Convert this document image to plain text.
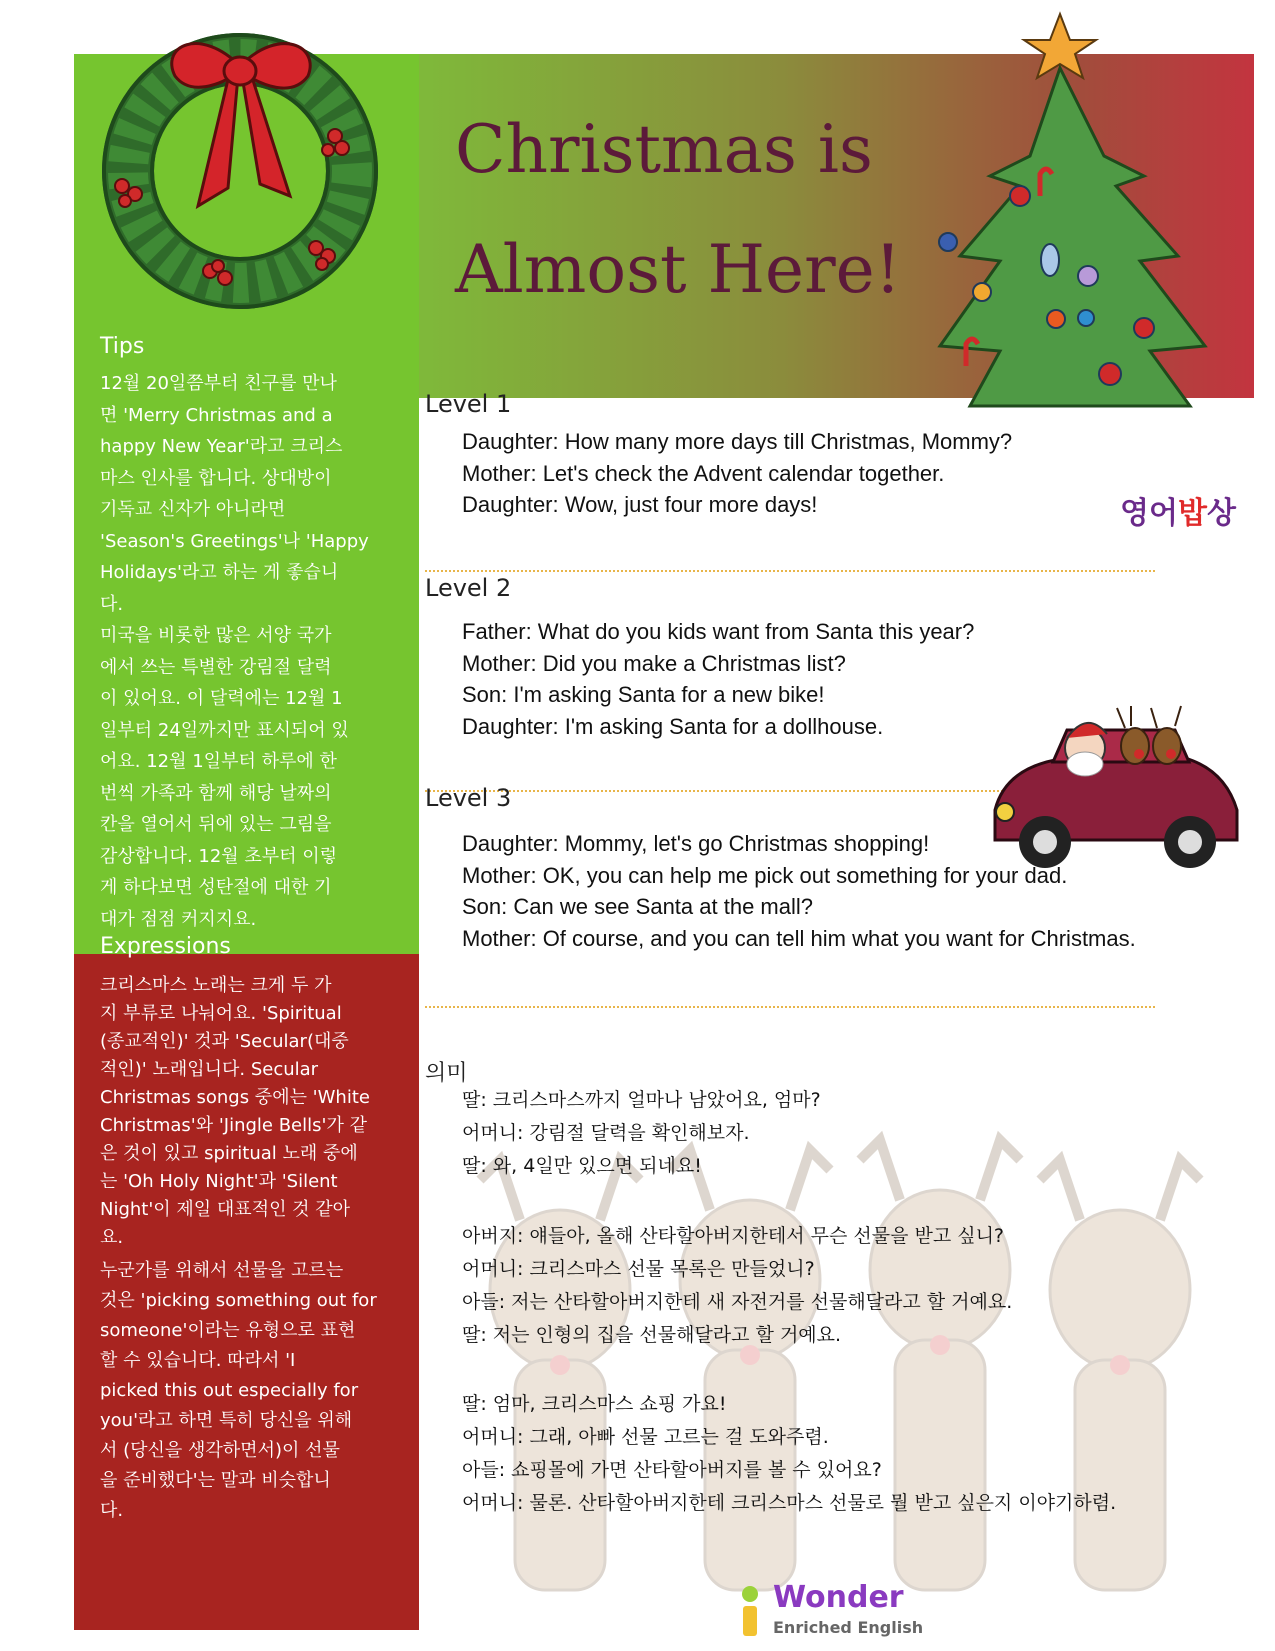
Christmas is
Almost Here!
영어밥상
Tips
12월 20일쯤부터 친구를 만나
면 'Merry Christmas and a
happy New Year'라고 크리스
마스 인사를 합니다. 상대방이
기독교 신자가 아니라면
'Season's Greetings'나 'Happy
Holidays'라고 하는 게 좋습니
다.
미국을 비롯한 많은 서양 국가
에서 쓰는 특별한 강림절 달력
이 있어요. 이 달력에는 12월 1
일부터 24일까지만 표시되어 있
어요. 12월 1일부터 하루에 한
번씩 가족과 함께 해당 날짜의
칸을 열어서 뒤에 있는 그림을
감상합니다. 12월 초부터 이렇
게 하다보면 성탄절에 대한 기
대가 점점 커지지요.
Expressions
크리스마스 노래는 크게 두 가
지 부류로 나눠어요. 'Spiritual
(종교적인)' 것과 'Secular(대중
적인)' 노래입니다. Secular
Christmas songs 중에는 'White
Christmas'와 'Jingle Bells'가 같
은 것이 있고 spiritual 노래 중에
는 'Oh Holy Night'과 'Silent
Night'이 제일 대표적인 것 같아
요.
누군가를 위해서 선물을 고르는
것은 'picking something out for
someone'이라는 유형으로 표현
할 수 있습니다. 따라서 'I
picked this out especially for
you'라고 하면 특히 당신을 위해
서 (당신을 생각하면서)이 선물
을 준비했다'는 말과 비슷합니
다.
Level 1
Daughter: How many more days till Christmas, Mommy?
Mother: Let's check the Advent calendar together.
Daughter: Wow, just four more days!
Level 2
Father: What do you kids want from Santa this year?
Mother: Did you make a Christmas list?
Son: I'm asking Santa for a new bike!
Daughter: I'm asking Santa for a dollhouse.
Level 3
Daughter: Mommy, let's go Christmas shopping!
Mother: OK, you can help me pick out something for your dad.
Son: Can we see Santa at the mall?
Mother: Of course, and you can tell him what you want for Christmas.
의미
딸: 크리스마스까지 얼마나 남았어요, 엄마?
어머니: 강림절 달력을 확인해보자.
딸: 와, 4일만 있으면 되네요!
아버지: 얘들아, 올해 산타할아버지한테서 무슨 선물을 받고 싶니?
어머니: 크리스마스 선물 목록은 만들었니?
아들: 저는 산타할아버지한테 새 자전거를 선물해달라고 할 거예요.
딸: 저는 인형의 집을 선물해달라고 할 거예요.
딸: 엄마, 크리스마스 쇼핑 가요!
어머니: 그래, 아빠 선물 고르는 걸 도와주렴.
아들: 쇼핑몰에 가면 산타할아버지를 볼 수 있어요?
어머니: 물론. 산타할아버지한테 크리스마스 선물로 뭘 받고 싶은지 이야기하렴.
Wonder
Enriched English
